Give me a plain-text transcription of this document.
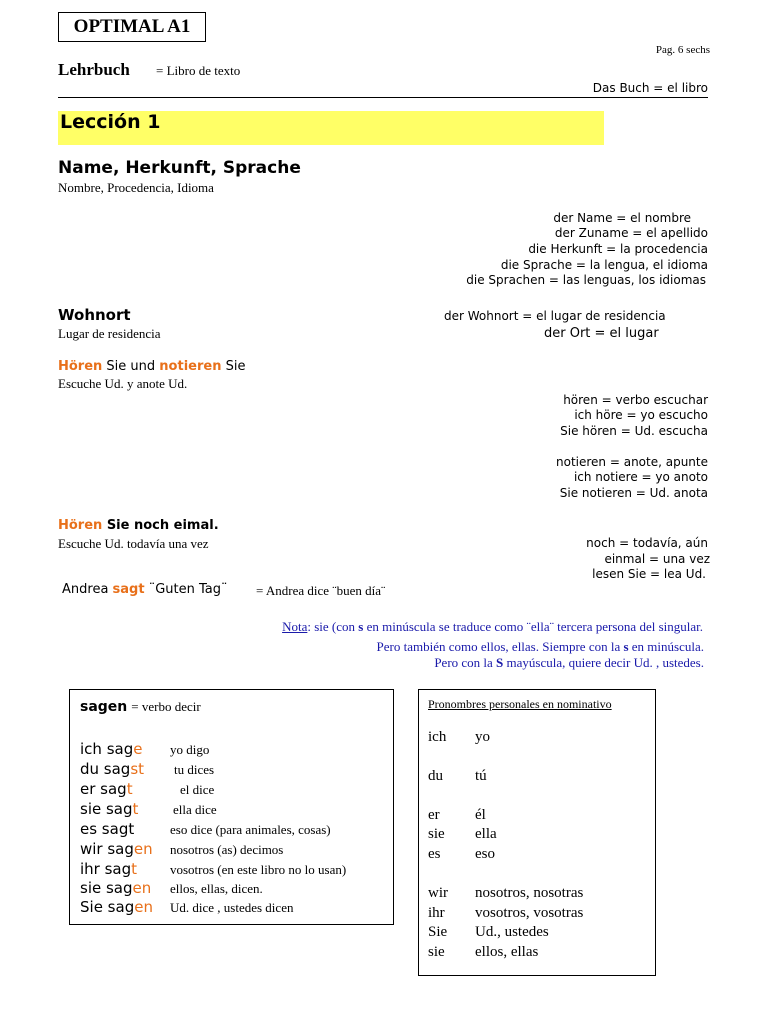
OPTIMAL A1
Pag. 6 sechs
Lehrbuch = Libro de texto
Das Buch = el libro
Lección 1
Name, Herkunft, Sprache
Nombre, Procedencia, Idioma
der Name = el nombre
der Zuname = el apellido
die Herkunft = la procedencia
die Sprache = la lengua, el idioma
die Sprachen = las lenguas, los idiomas
Wohnort
Lugar de residencia
der Wohnort = el lugar de residencia
der Ort = el lugar
Hören Sie und notieren Sie
Escuche Ud. y anote Ud.
hören = verbo escuchar
ich höre = yo escucho
Sie hören = Ud. escucha
notieren = anote, apunte
ich notiere = yo anoto
Sie notieren = Ud. anota
Hören Sie noch eimal.
Escuche Ud. todavía una vez	noch = todavía, aún
einmal = una vez
lesen Sie = lea Ud.
Andrea sagt ¨Guten Tag¨ = Andrea dice ¨buen día¨
Nota: sie (con s en minúscula se traduce como ¨ella¨ tercera persona del singular.
Pero también como ellos, ellas. Siempre con la s en minúscula.
Pero con la S mayúscula, quiere decir Ud. , ustedes.
sagen = verbo decir
ich sage yo digo
du sagst tu dices
er sagt	el dice
sie sagt	ella dice
es sagt	eso dice (para animales, cosas)
wir sagen nosotros (as) decimos
ihr sagt	vosotros (en este libro no lo usan)
sie sagen ellos, ellas, dicen.
Sie sagen Ud. dice , ustedes dicen
Pronombres personales en nominativo
ich yo
du tú
er él
sie ella
es eso
wir nosotros, nosotras
ihr vosotros, vosotras
Sie Ud., ustedes
sie ellos, ellas
